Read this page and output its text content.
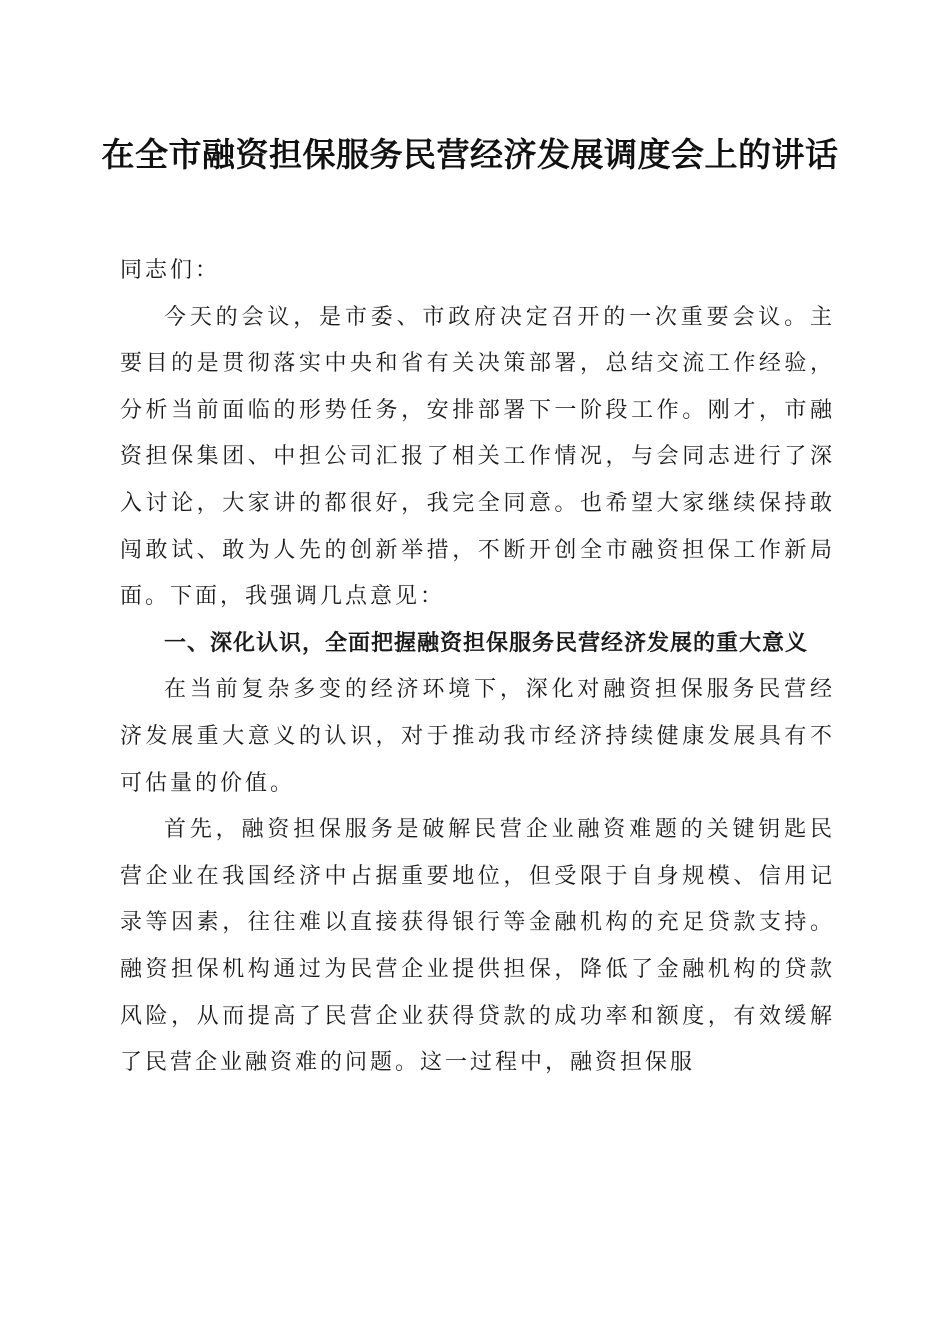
在全市融资担保服务民营经济发展调度会上的讲话

同志们：

今天的会议，是市委、市政府决定召开的一次重要会议。主要目的是贯彻落实中央和省有关决策部署，总结交流工作经验，分析当前面临的形势任务，安排部署下一阶段工作。刚才，市融资担保集团、中担公司汇报了相关工作情况，与会同志进行了深入讨论，大家讲的都很好，我完全同意。也希望大家继续保持敢闯敢试、敢为人先的创新举措，不断开创全市融资担保工作新局面。下面，我强调几点意见：

一、深化认识，全面把握融资担保服务民营经济发展的重大意义

在当前复杂多变的经济环境下，深化对融资担保服务民营经济发展重大意义的认识，对于推动我市经济持续健康发展具有不可估量的价值。

首先，融资担保服务是破解民营企业融资难题的关键钥匙民营企业在我国经济中占据重要地位，但受限于自身规模、信用记录等因素，往往难以直接获得银行等金融机构的充足贷款支持。融资担保机构通过为民营企业提供担保，降低了金融机构的贷款风险，从而提高了民营企业获得贷款的成功率和额度，有效缓解了民营企业融资难的问题。这一过程中，融资担保服
